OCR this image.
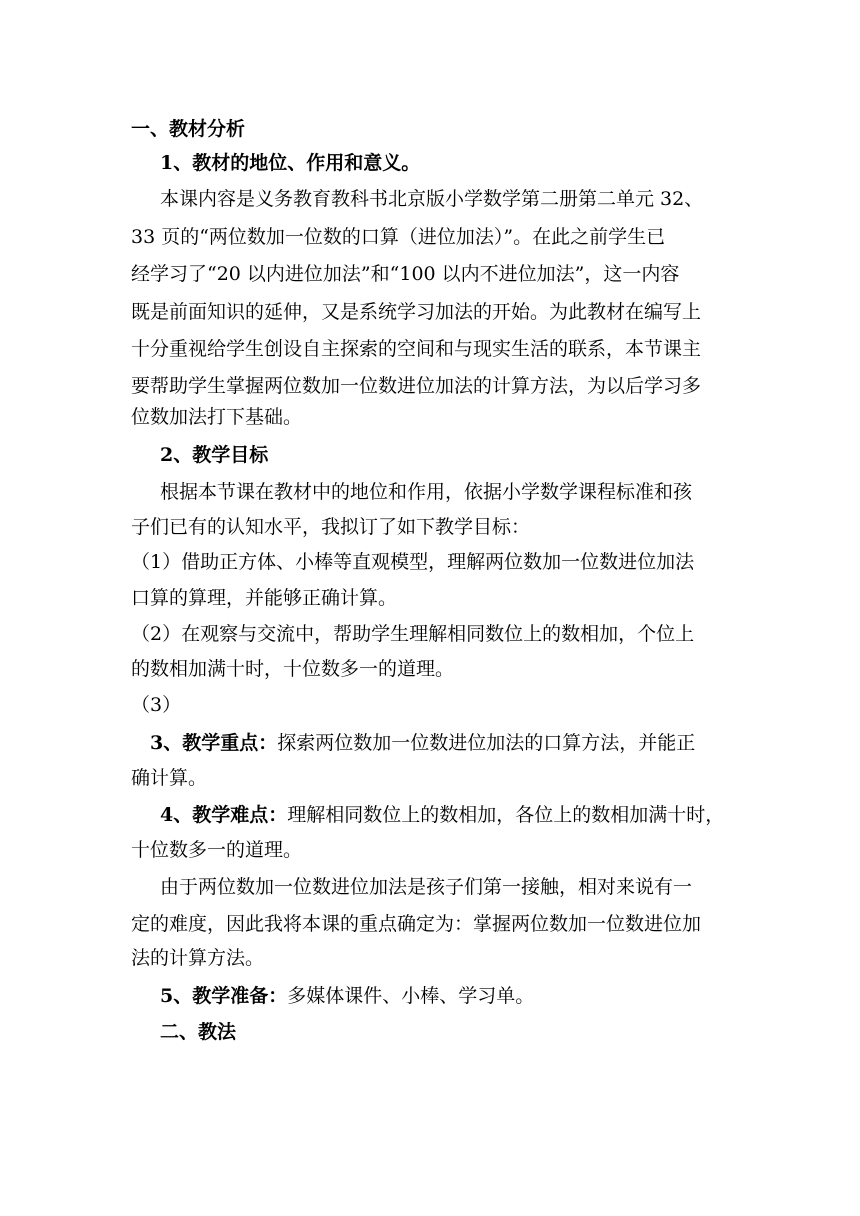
一、教材分析
1、教材的地位、作用和意义。
本课内容是义务教育教科书北京版小学数学第二册第二单元 32、
33 页的“两位数加一位数的口算（进位加法）”。在此之前学生已
经学习了“20 以内进位加法”和“100 以内不进位加法”，这一内容
既是前面知识的延伸，又是系统学习加法的开始。为此教材在编写上
十分重视给学生创设自主探索的空间和与现实生活的联系，本节课主
要帮助学生掌握两位数加一位数进位加法的计算方法，为以后学习多
位数加法打下基础。
2、教学目标
根据本节课在教材中的地位和作用，依据小学数学课程标准和孩
子们已有的认知水平，我拟订了如下教学目标：
（1）借助正方体、小棒等直观模型，理解两位数加一位数进位加法
口算的算理，并能够正确计算。
（2）在观察与交流中，帮助学生理解相同数位上的数相加，个位上
的数相加满十时，十位数多一的道理。
（3）
3、教学重点：探索两位数加一位数进位加法的口算方法，并能正
确计算。
4、教学难点：理解相同数位上的数相加，各位上的数相加满十时，
十位数多一的道理。
由于两位数加一位数进位加法是孩子们第一接触，相对来说有一
定的难度，因此我将本课的重点确定为：掌握两位数加一位数进位加
法的计算方法。
5、教学准备：多媒体课件、小棒、学习单。
二、教法
